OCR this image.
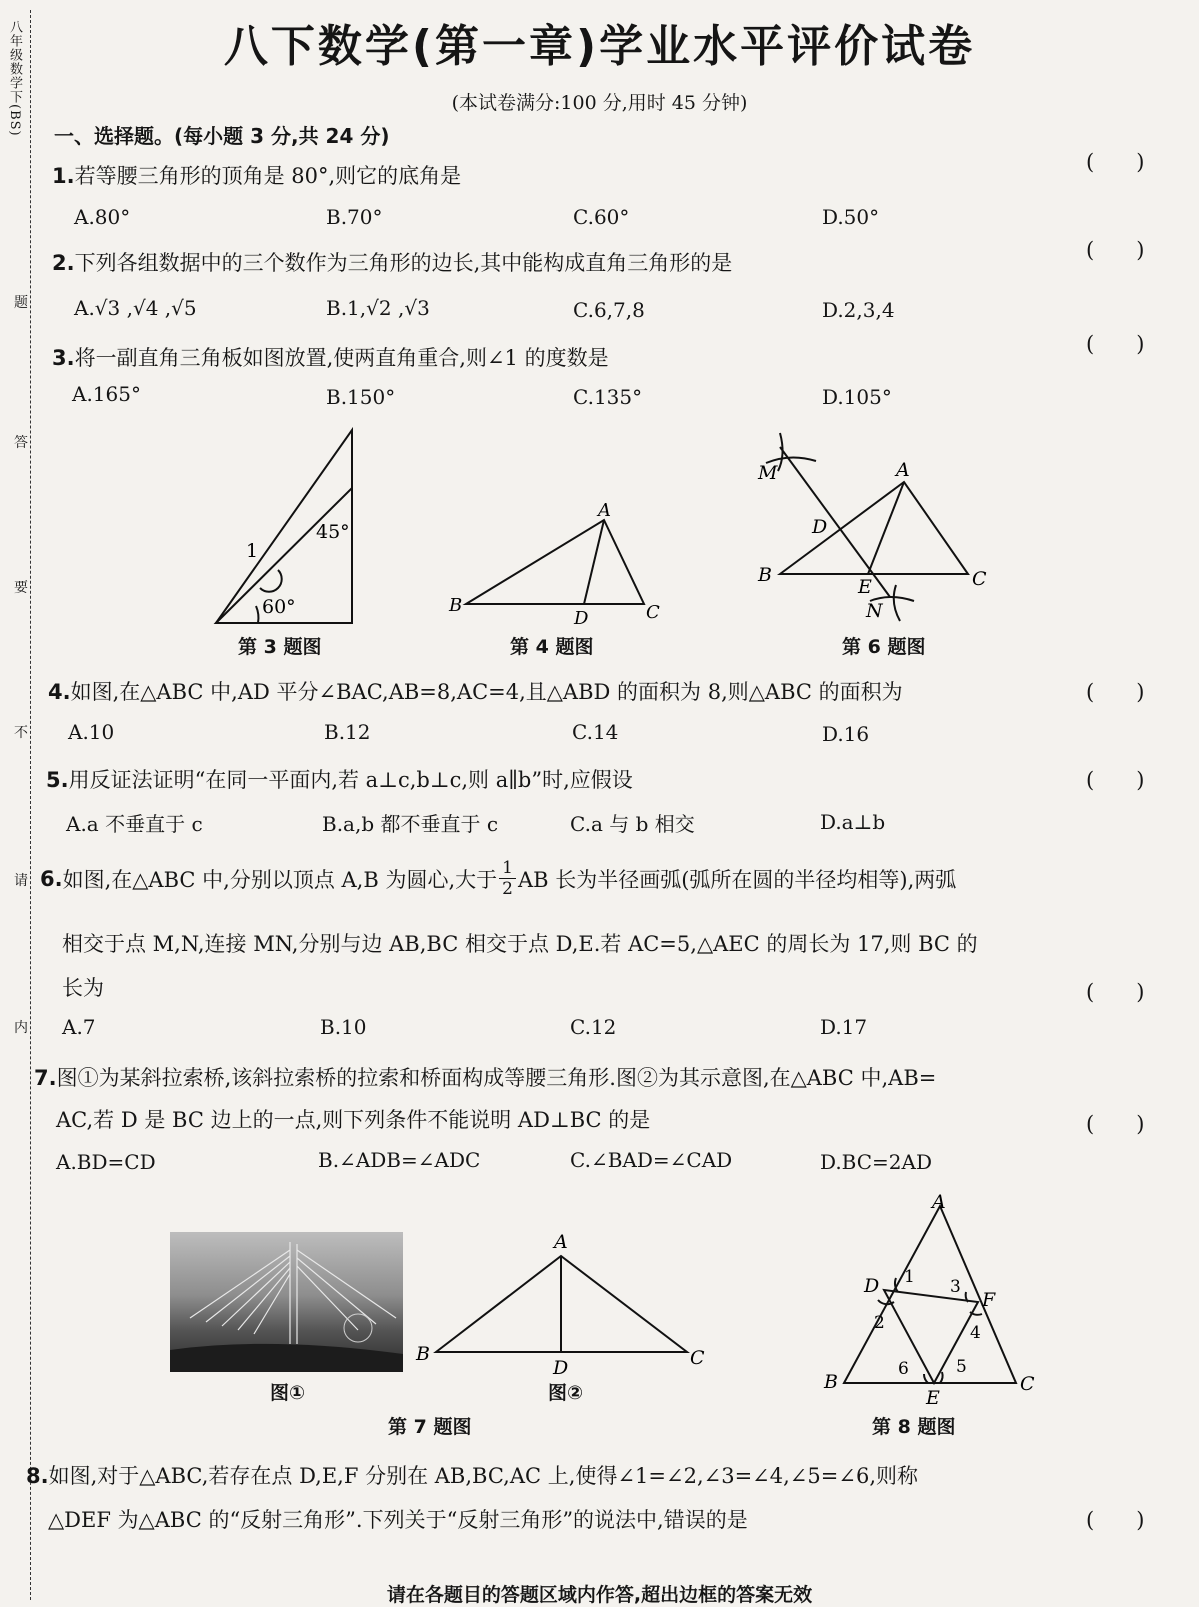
八年级数学下(BS)
题
答
要
不
请
内
八下数学(第一章)学业水平评价试卷
(本试卷满分:100 分,用时 45 分钟)
一、选择题。(每小题 3 分,共 24 分)
1.若等腰三角形的顶角是 80°,则它的底角是
(　　)
A.80°	B.70°	C.60°	D.50°
2.下列各组数据中的三个数作为三角形的边长,其中能构成直角三角形的是
(　　)
A.√3 ,√4 ,√5	B.1,√2 ,√3	C.6,7,8	D.2,3,4
3.将一副直角三角板如图放置,使两直角重合,则∠1 的度数是
(　　)
A.165°	B.150°	C.135°	D.105°
1
45°
60°
第 3 题图
A
B
D	C
第 4 题图
M	A
D
B
E	C
N
第 6 题图
4.如图,在△ABC 中,AD 平分∠BAC,AB=8,AC=4,且△ABD 的面积为 8,则△ABC 的面积为	(　　)
A.10	B.12	C.14	D.16
5.用反证法证明“在同一平面内,若 a⊥c,b⊥c,则 a∥b”时,应假设	(　　)
A.a 不垂直于 c	B.a,b 都不垂直于 c	C.a 与 b 相交	D.a⊥b
6. 如图,在△ABC 中,分别以顶点 A,B 为圆心,大于 $\frac{1}{2}$ AB 长为半径画弧(弧所在圆的半径均相等),两弧
相交于点 M,N,连接 MN,分别与边 AB,BC 相交于点 D,E.若 AC=5,△AEC 的周长为 17,则 BC 的
长为	(　　)
A.7	B.10	C.12	D.17
7.图①为某斜拉索桥,该斜拉索桥的拉索和桥面构成等腰三角形.图②为其示意图,在△ABC 中,AB=
AC,若 D 是 BC 边上的一点,则下列条件不能说明 AD⊥BC 的是	(　　)
A.BD=CD	B.∠ADB=∠ADC	C.∠BAD=∠CAD	D.BC=2AD
图①
A
B
D	C
图②
第 7 题图
A
D 1 3
F
2	4
6	5
B
E
C
第 8 题图
8.如图,对于△ABC,若存在点 D,E,F 分别在 AB,BC,AC 上,使得∠1=∠2,∠3=∠4,∠5=∠6,则称
△DEF 为△ABC 的“反射三角形”.下列关于“反射三角形”的说法中,错误的是	(　　)
请在各题目的答题区域内作答,超出边框的答案无效
